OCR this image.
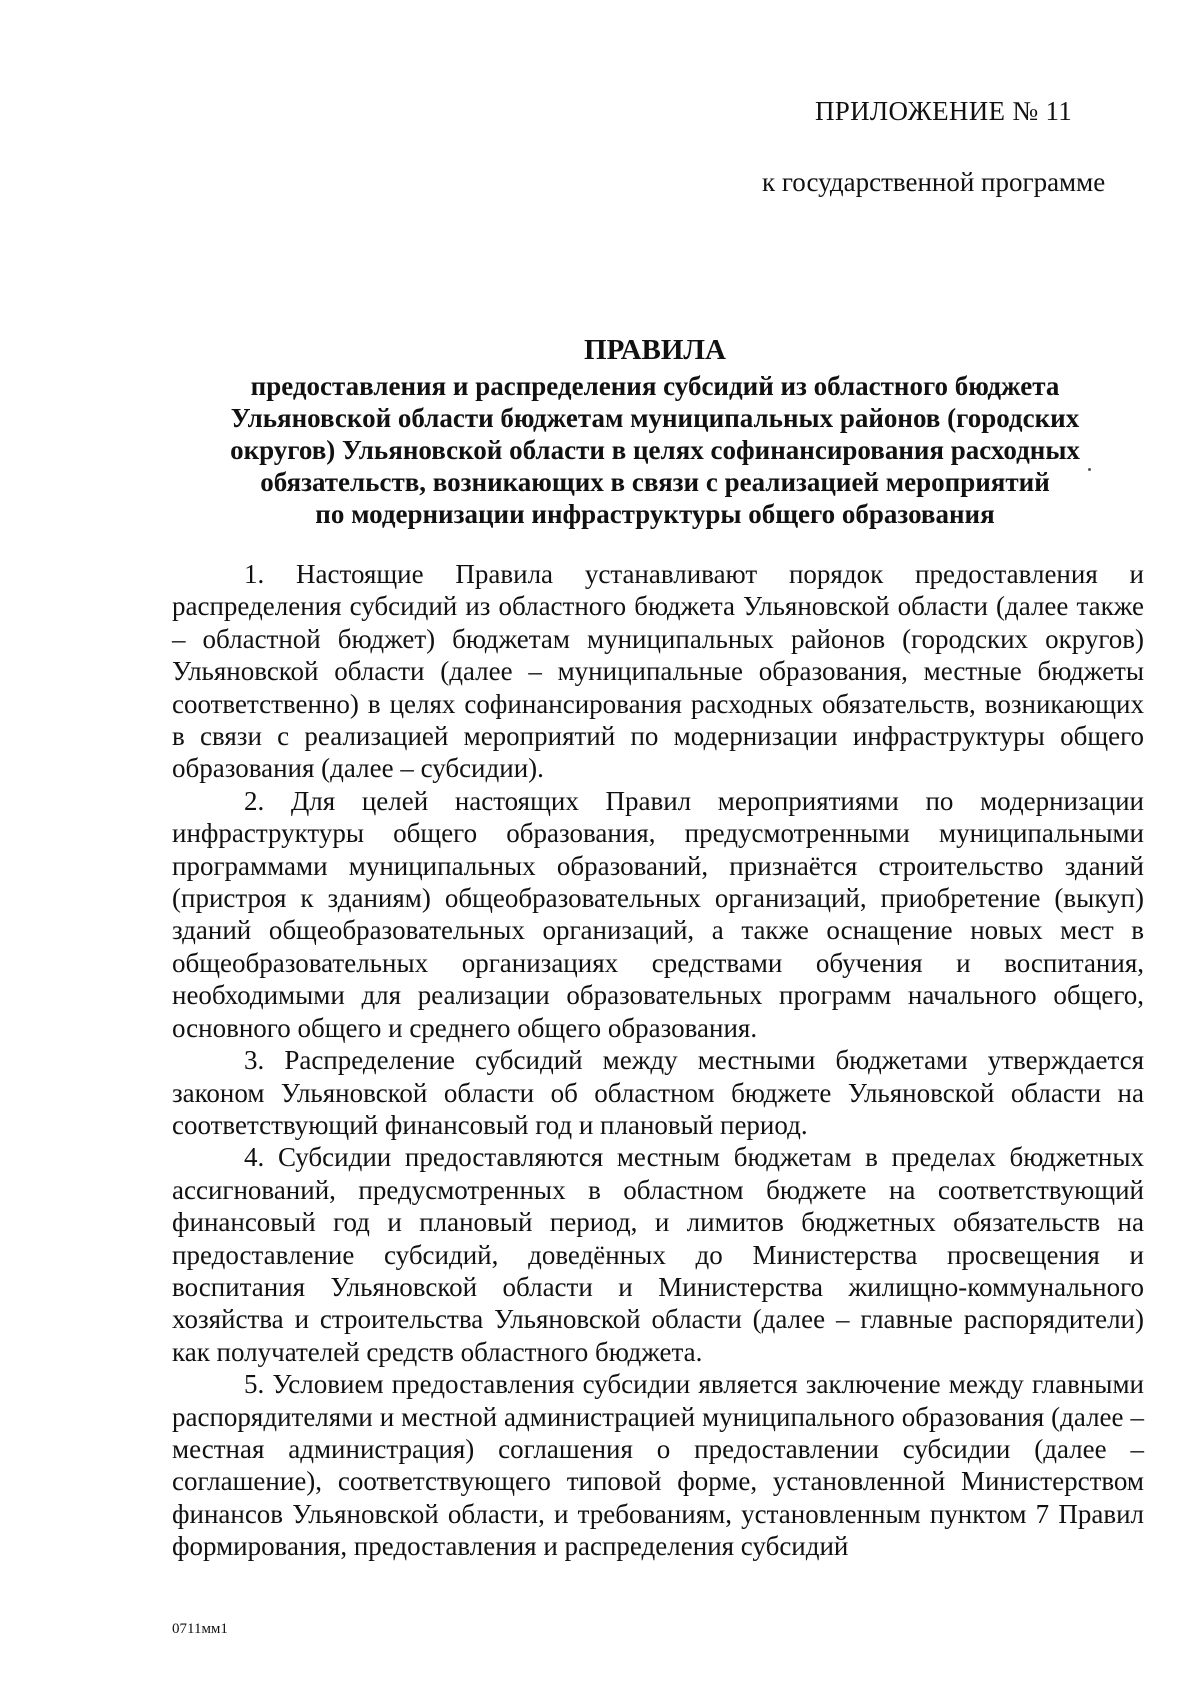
ПРИЛОЖЕНИЕ № 11
к государственной программе
ПРАВИЛА
предоставления и распределения субсидий из областного бюджета
Ульяновской области бюджетам муниципальных районов (городских
округов) Ульяновской области в целях софинансирования расходных
обязательств, возникающих в связи с реализацией мероприятий
по модернизации инфраструктуры общего образования

1. Настоящие Правила устанавливают порядок предоставления и распределения субсидий из областного бюджета Ульяновской области (далее также – областной бюджет) бюджетам муниципальных районов (городских округов) Ульяновской области (далее – муниципальные образования, местные бюджеты соответственно) в целях софинансирования расходных обязательств, возникающих в связи с реализацией мероприятий по модернизации инфраструктуры общего образования (далее – субсидии).

2. Для целей настоящих Правил мероприятиями по модернизации инфраструктуры общего образования, предусмотренными муниципальными программами муниципальных образований, признаётся строительство зданий (пристроя к зданиям) общеобразовательных организаций, приобретение (выкуп) зданий общеобразовательных организаций, а также оснащение новых мест в общеобразовательных организациях средствами обучения и воспитания, необходимыми для реализации образовательных программ начального общего, основного общего и среднего общего образования.

3. Распределение субсидий между местными бюджетами утверждается законом Ульяновской области об областном бюджете Ульяновской области на соответствующий финансовый год и плановый период.

4. Субсидии предоставляются местным бюджетам в пределах бюджетных ассигнований, предусмотренных в областном бюджете на соответствующий финансовый год и плановый период, и лимитов бюджетных обязательств на предоставление субсидий, доведённых до Министерства просвещения и воспитания Ульяновской области и Министерства жилищно-коммунального хозяйства и строительства Ульяновской области (далее – главные распорядители) как получателей средств областного бюджета.

5. Условием предоставления субсидии является заключение между главными распорядителями и местной администрацией муниципального образования (далее – местная администрация) соглашения о предоставлении субсидии (далее – соглашение), соответствующего типовой форме, установленной Министерством финансов Ульяновской области, и требованиям, установленным пунктом 7 Правил формирования, предоставления и распределения субсидий

0711мм1
